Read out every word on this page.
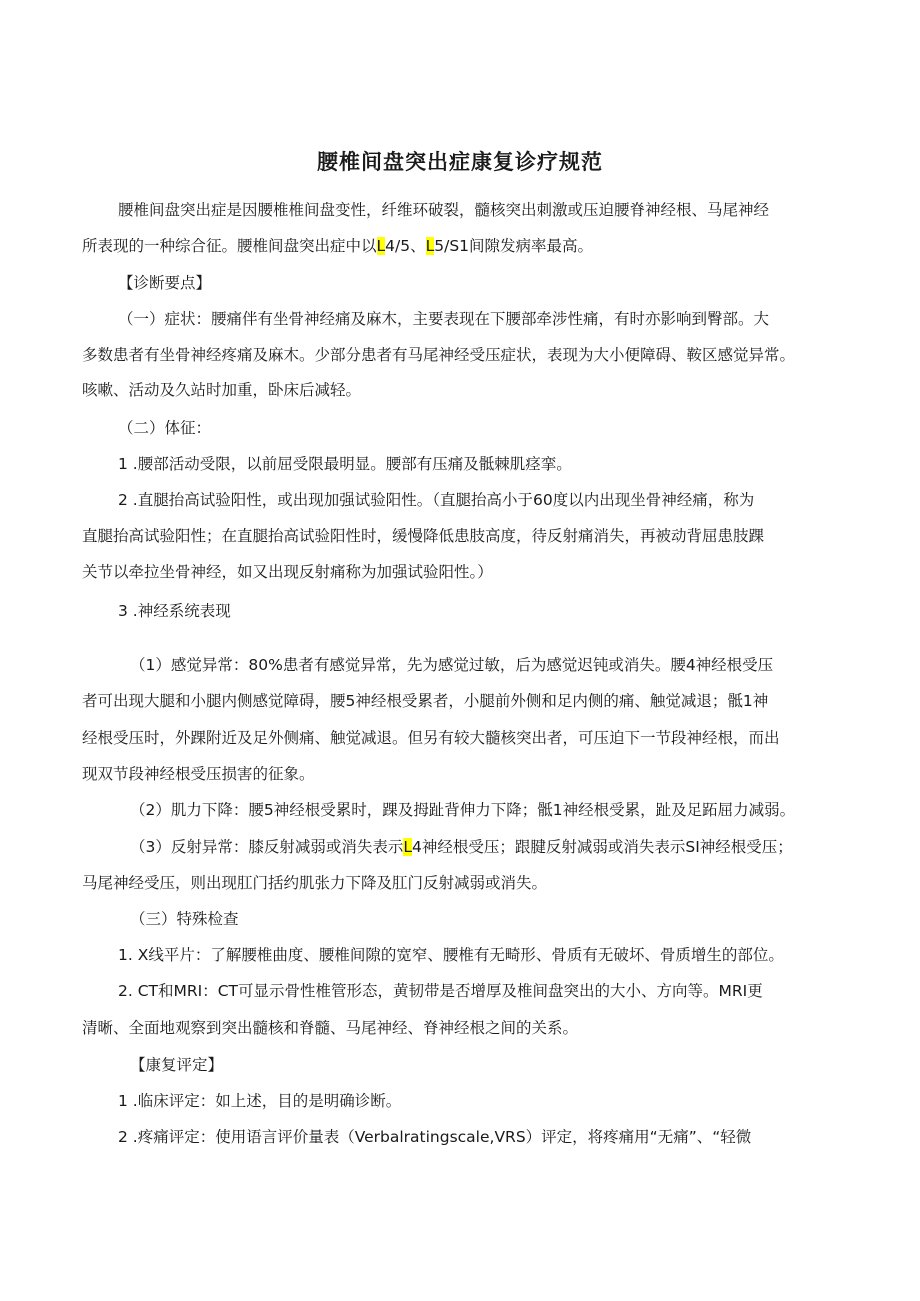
腰椎间盘突出症康复诊疗规范
腰椎间盘突出症是因腰椎椎间盘变性，纤维环破裂，髓核突出刺激或压迫腰脊神经根、马尾神经
所表现的一种综合征。腰椎间盘突出症中以L4/5、L5/S1间隙发病率最高。
【诊断要点】
（一）症状：腰痛伴有坐骨神经痛及麻木，主要表现在下腰部牵涉性痛，有时亦影响到臀部。大
多数患者有坐骨神经疼痛及麻木。少部分患者有马尾神经受压症状，表现为大小便障碍、鞍区感觉异常。
咳嗽、活动及久站时加重，卧床后减轻。
（二）体征：
1 .腰部活动受限，以前屈受限最明显。腰部有压痛及骶棘肌痉挛。
2 .直腿抬高试验阳性，或出现加强试验阳性。（直腿抬高小于60度以内出现坐骨神经痛，称为
直腿抬高试验阳性；在直腿抬高试验阳性时，缓慢降低患肢高度，待反射痛消失，再被动背屈患肢踝
关节以牵拉坐骨神经，如又出现反射痛称为加强试验阳性。）
3 .神经系统表现
（1）感觉异常：80%患者有感觉异常，先为感觉过敏，后为感觉迟钝或消失。腰4神经根受压
者可出现大腿和小腿内侧感觉障碍，腰5神经根受累者，小腿前外侧和足内侧的痛、触觉减退；骶1神
经根受压时，外踝附近及足外侧痛、触觉减退。但另有较大髓核突出者，可压迫下一节段神经根，而出
现双节段神经根受压损害的征象。
（2）肌力下降：腰5神经根受累时，踝及拇趾背伸力下降；骶1神经根受累，趾及足跖屈力减弱。
（3）反射异常：膝反射减弱或消失表示L4神经根受压；跟腱反射减弱或消失表示SI神经根受压；
马尾神经受压，则出现肛门括约肌张力下降及肛门反射减弱或消失。
（三）特殊检查
1. X线平片：了解腰椎曲度、腰椎间隙的宽窄、腰椎有无畸形、骨质有无破坏、骨质增生的部位。
2. CT和MRI：CT可显示骨性椎管形态，黄韧带是否增厚及椎间盘突出的大小、方向等。MRI更
清晰、全面地观察到突出髓核和脊髓、马尾神经、脊神经根之间的关系。
【康复评定】
1 .临床评定：如上述，目的是明确诊断。
2 .疼痛评定：使用语言评价量表（Verbalratingscale,VRS）评定，将疼痛用“无痛”、“轻微
